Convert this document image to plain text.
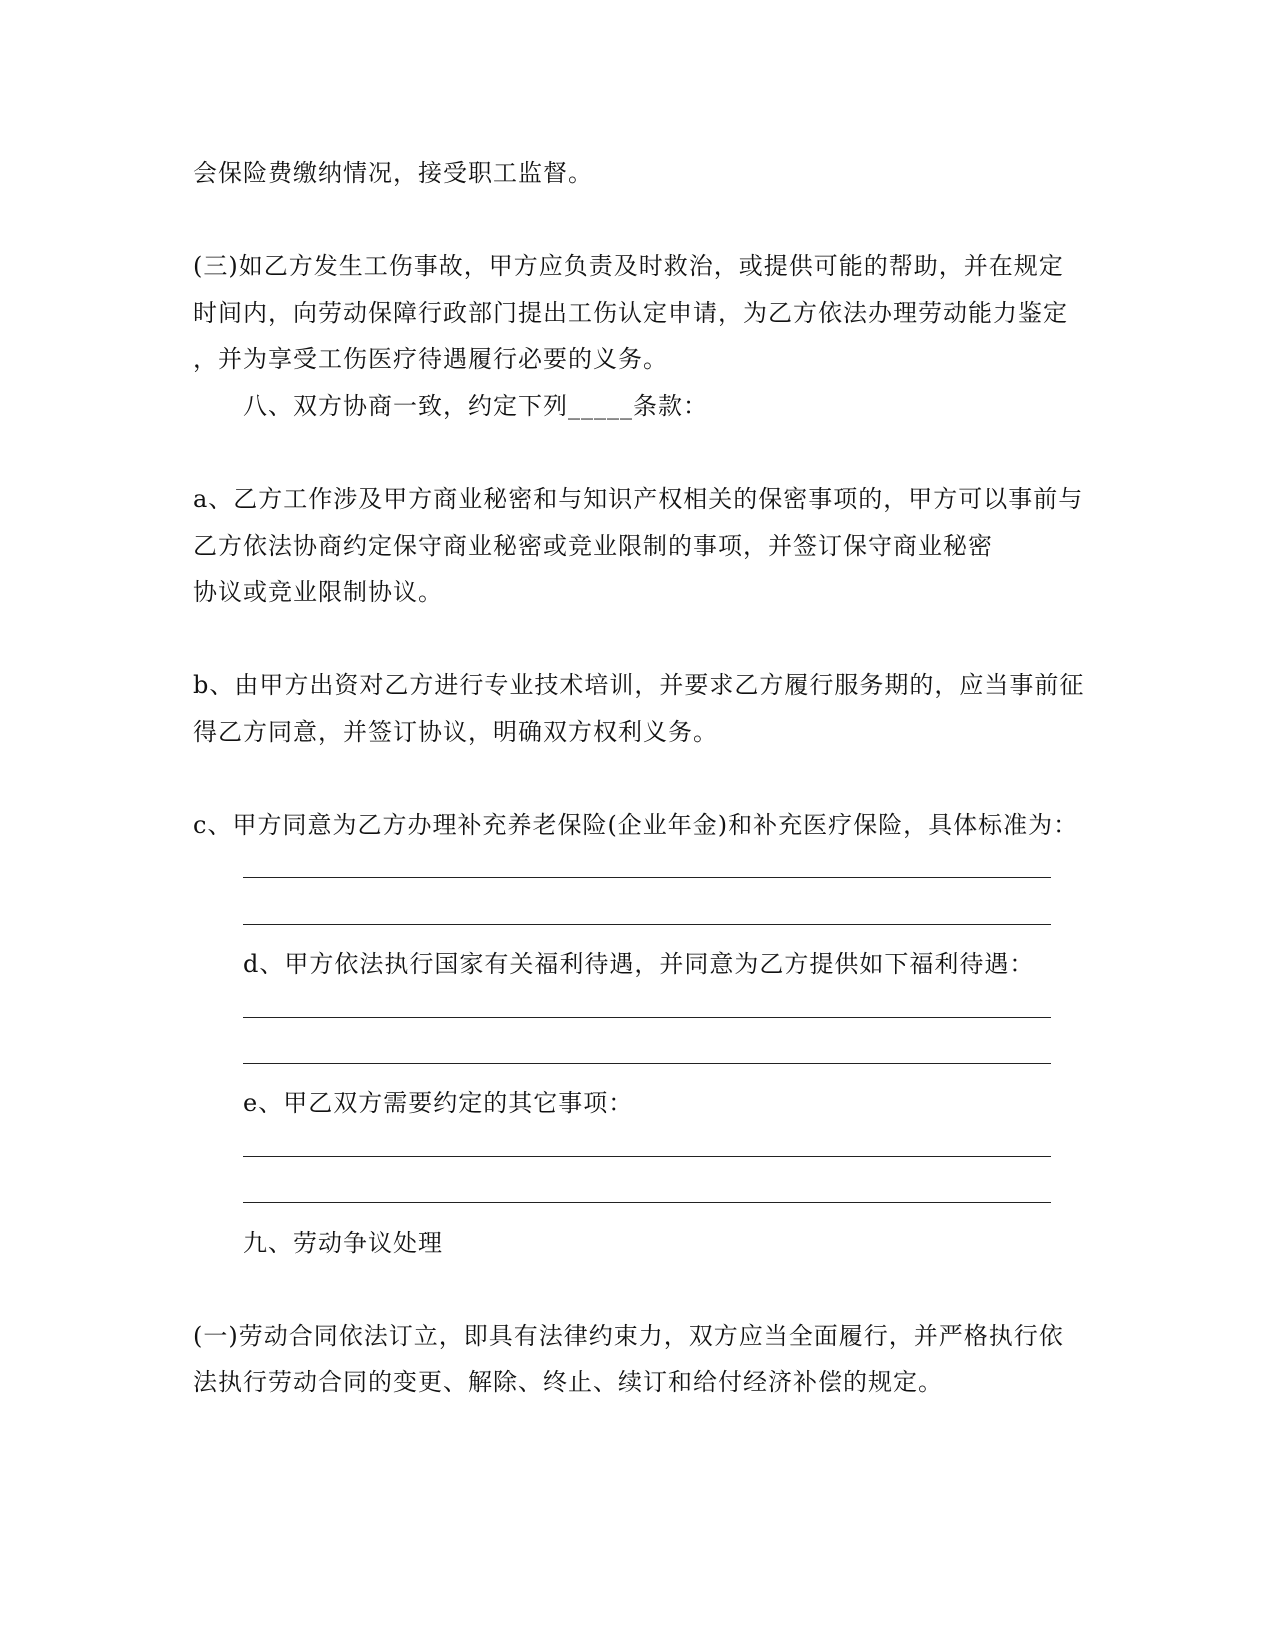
会保险费缴纳情况，接受职工监督。
(三)如乙方发生工伤事故，甲方应负责及时救治，或提供可能的帮助，并在规定
时间内，向劳动保障行政部门提出工伤认定申请，为乙方依法办理劳动能力鉴定
，并为享受工伤医疗待遇履行必要的义务。
八、双方协商一致，约定下列_____条款：
a、乙方工作涉及甲方商业秘密和与知识产权相关的保密事项的，甲方可以事前与
乙方依法协商约定保守商业秘密或竞业限制的事项，并签订保守商业秘密
协议或竞业限制协议。
b、由甲方出资对乙方进行专业技术培训，并要求乙方履行服务期的，应当事前征
得乙方同意，并签订协议，明确双方权利义务。
c、甲方同意为乙方办理补充养老保险(企业年金)和补充医疗保险，具体标准为：
d、甲方依法执行国家有关福利待遇，并同意为乙方提供如下福利待遇：
e、甲乙双方需要约定的其它事项：
九、劳动争议处理
(一)劳动合同依法订立，即具有法律约束力，双方应当全面履行，并严格执行依
法执行劳动合同的变更、解除、终止、续订和给付经济补偿的规定。
